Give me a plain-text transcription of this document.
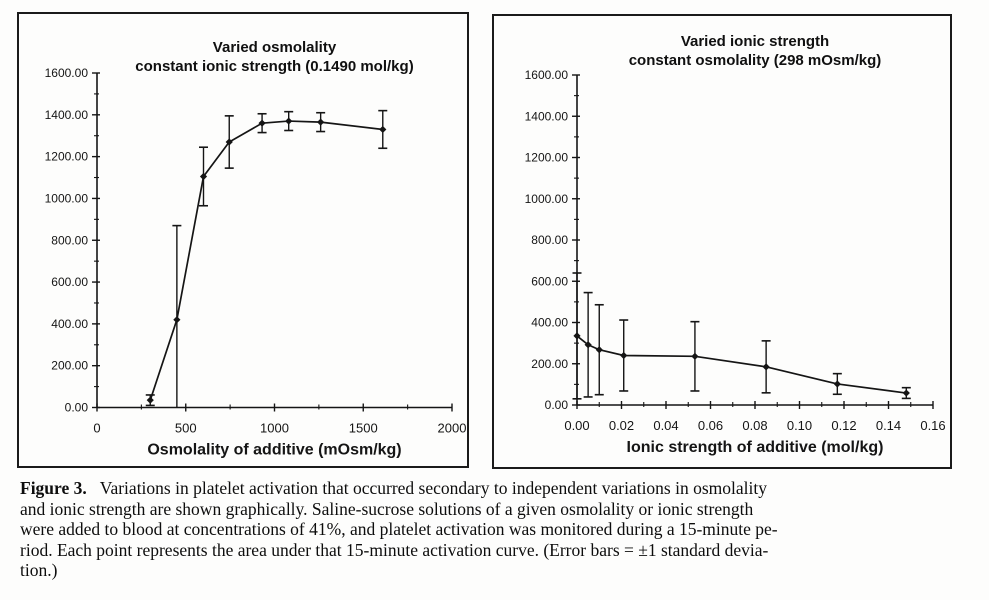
0.00
200.00
400.00
600.00
800.00
1000.00
1200.00
1400.00
1600.00
0	500	1000	1500	2000
Osmolality of additive (mOsm/kg)
Varied osmolality
constant ionic strength (0.1490 mol/kg)
0.00
200.00
400.00
600.00
800.00
1000.00
1200.00
1400.00
1600.00
0.00 0.02 0.04 0.06 0.08 0.10 0.12 0.14 0.16
Ionic strength of additive (mol/kg)
Varied ionic strength
constant osmolality (298 mOsm/kg)
Figure 3. Variations in platelet activation that occurred secondary to independent variations in osmolality
and ionic strength are shown graphically. Saline-sucrose solutions of a given osmolality or ionic strength
were added to blood at concentrations of 41%, and platelet activation was monitored during a 15-minute pe-
riod. Each point represents the area under that 15-minute activation curve. (Error bars = ±1 standard devia-
tion.)
